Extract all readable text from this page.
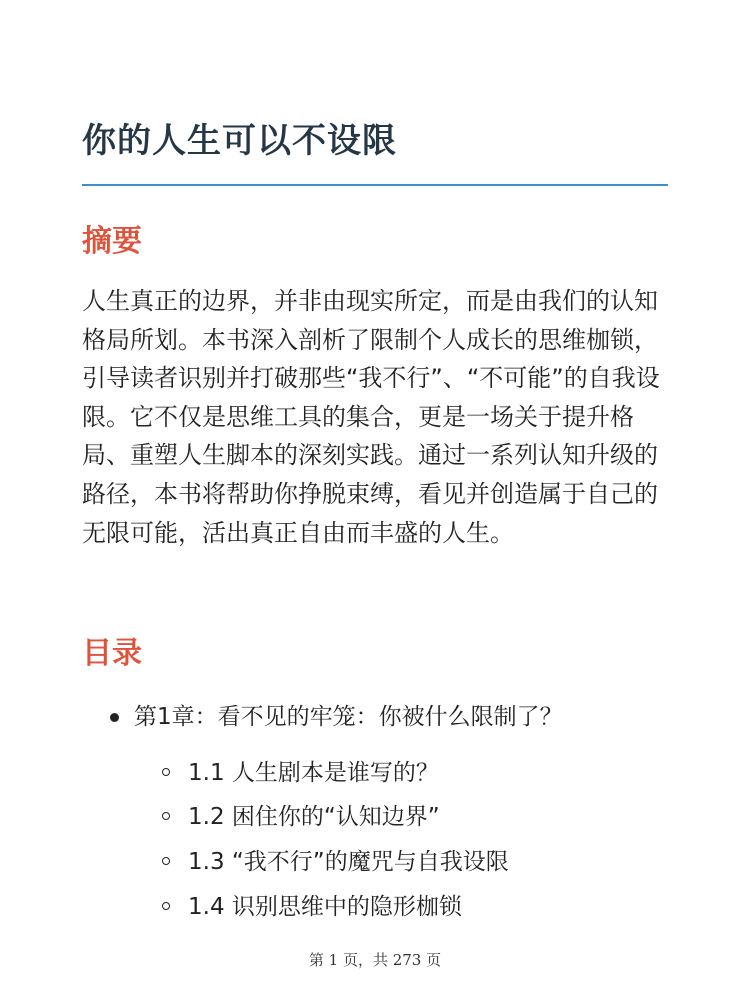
你的人生可以不设限
摘要

人生真正的边界，并非由现实所定，而是由我们的认知格局所划。本书深入剖析了限制个人成长的思维枷锁，引导读者识别并打破那些“我不行”、“不可能”的自我设限。它不仅是思维工具的集合，更是一场关于提升格局、重塑人生脚本的深刻实践。通过一系列认知升级的路径，本书将帮助你挣脱束缚，看见并创造属于自己的无限可能，活出真正自由而丰盛的人生。

目录
第1章：看不见的牢笼：你被什么限制了？
1.1 人生剧本是谁写的？
1.2 困住你的“认知边界”
1.3 “我不行”的魔咒与自我设限
1.4 识别思维中的隐形枷锁
第 1 页，共 273 页
